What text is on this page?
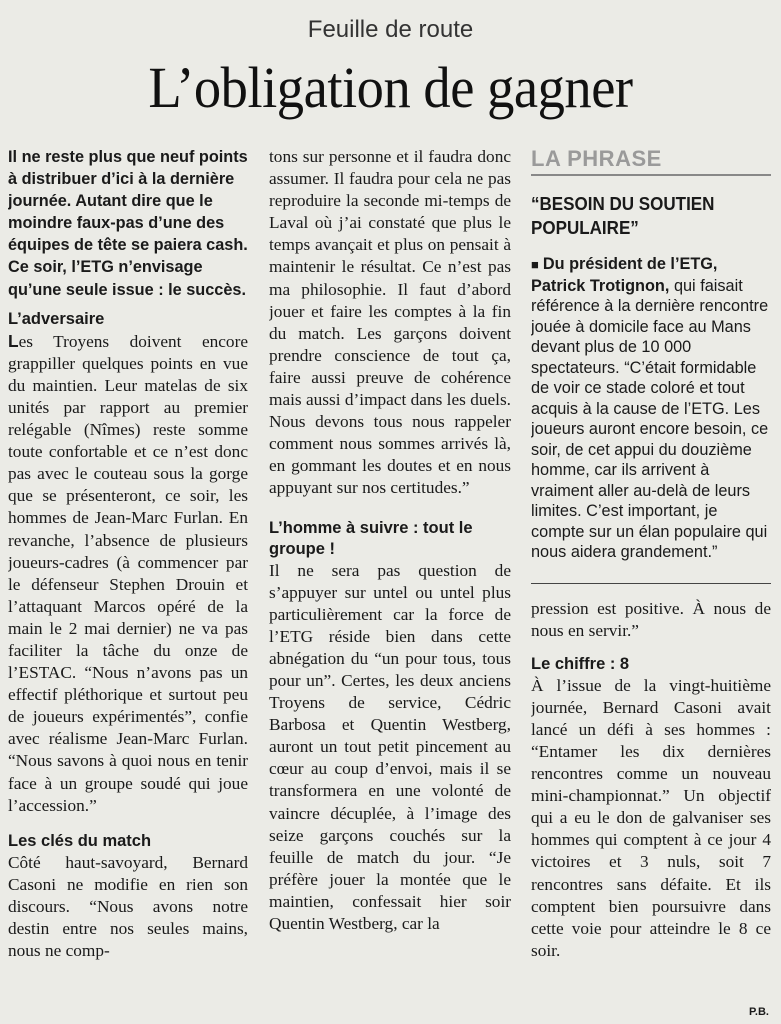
Feuille de route
L’obligation de gagner

Il ne reste plus que neuf points à distribuer d’ici à la dernière journée. Autant dire que le moindre faux-pas d’une des équipes de tête se paiera cash. Ce soir, l’ETG n’envisage qu’une seule issue : le succès.

L’adversaire

Les Troyens doivent encore grappiller quelques points en vue du maintien. Leur matelas de six unités par rapport au premier relégable (Nîmes) reste somme toute confortable et ce n’est donc pas avec le couteau sous la gorge que se présenteront, ce soir, les hommes de Jean-Marc Furlan. En revanche, l’absence de plusieurs joueurs-cadres (à commencer par le défenseur Stephen Drouin et l’attaquant Marcos opéré de la main le 2 mai dernier) ne va pas faciliter la tâche du onze de l’ESTAC. “Nous n’avons pas un effectif pléthorique et surtout peu de joueurs expérimentés”, confie avec réalisme Jean-Marc Furlan. “Nous savons à quoi nous en tenir face à un groupe soudé qui joue l’accession.”

Les clés du match

Côté haut-savoyard, Bernard Casoni ne modifie en rien son discours. “Nous avons notre destin entre nos seules mains, nous ne comp-

tons sur personne et il faudra donc assumer. Il faudra pour cela ne pas reproduire la seconde mi-temps de Laval où j’ai constaté que plus le temps avançait et plus on pensait à maintenir le résultat. Ce n’est pas ma philosophie. Il faut d’abord jouer et faire les comptes à la fin du match. Les garçons doivent prendre conscience de tout ça, faire aussi preuve de cohérence mais aussi d’impact dans les duels. Nous devons tous nous rappeler comment nous sommes arrivés là, en gommant les doutes et en nous appuyant sur nos certitudes.”

L’homme à suivre : tout le groupe !

Il ne sera pas question de s’appuyer sur untel ou untel plus particulièrement car la force de l’ETG réside bien dans cette abnégation du “un pour tous, tous pour un”. Certes, les deux anciens Troyens de service, Cédric Barbosa et Quentin Westberg, auront un tout petit pincement au cœur au coup d’envoi, mais il se transformera en une volonté de vaincre décuplée, à l’image des seize garçons couchés sur la feuille de match du jour. “Je préfère jouer la montée que le maintien, confessait hier soir Quentin Westberg, car la

LA PHRASE
“BESOIN DU SOUTIEN POPULAIRE”
■ Du président de l’ETG, Patrick Trotignon, qui faisait référence à la dernière rencontre jouée à domicile face au Mans devant plus de 10 000 spectateurs. “C’était formidable de voir ce stade coloré et tout acquis à la cause de l’ETG. Les joueurs auront encore besoin, ce soir, de cet appui du douzième homme, car ils arrivent à vraiment aller au-delà de leurs limites. C’est important, je compte sur un élan populaire qui nous aidera grandement.”

pression est positive. À nous de nous en servir.”

Le chiffre : 8

À l’issue de la vingt-huitième journée, Bernard Casoni avait lancé un défi à ses hommes : “Entamer les dix dernières rencontres comme un nouveau mini-championnat.” Un objectif qui a eu le don de galvaniser ses hommes qui comptent à ce jour 4 victoires et 3 nuls, soit 7 rencontres sans défaite. Et ils comptent bien poursuivre dans cette voie pour atteindre le 8 ce soir.

P.B.
